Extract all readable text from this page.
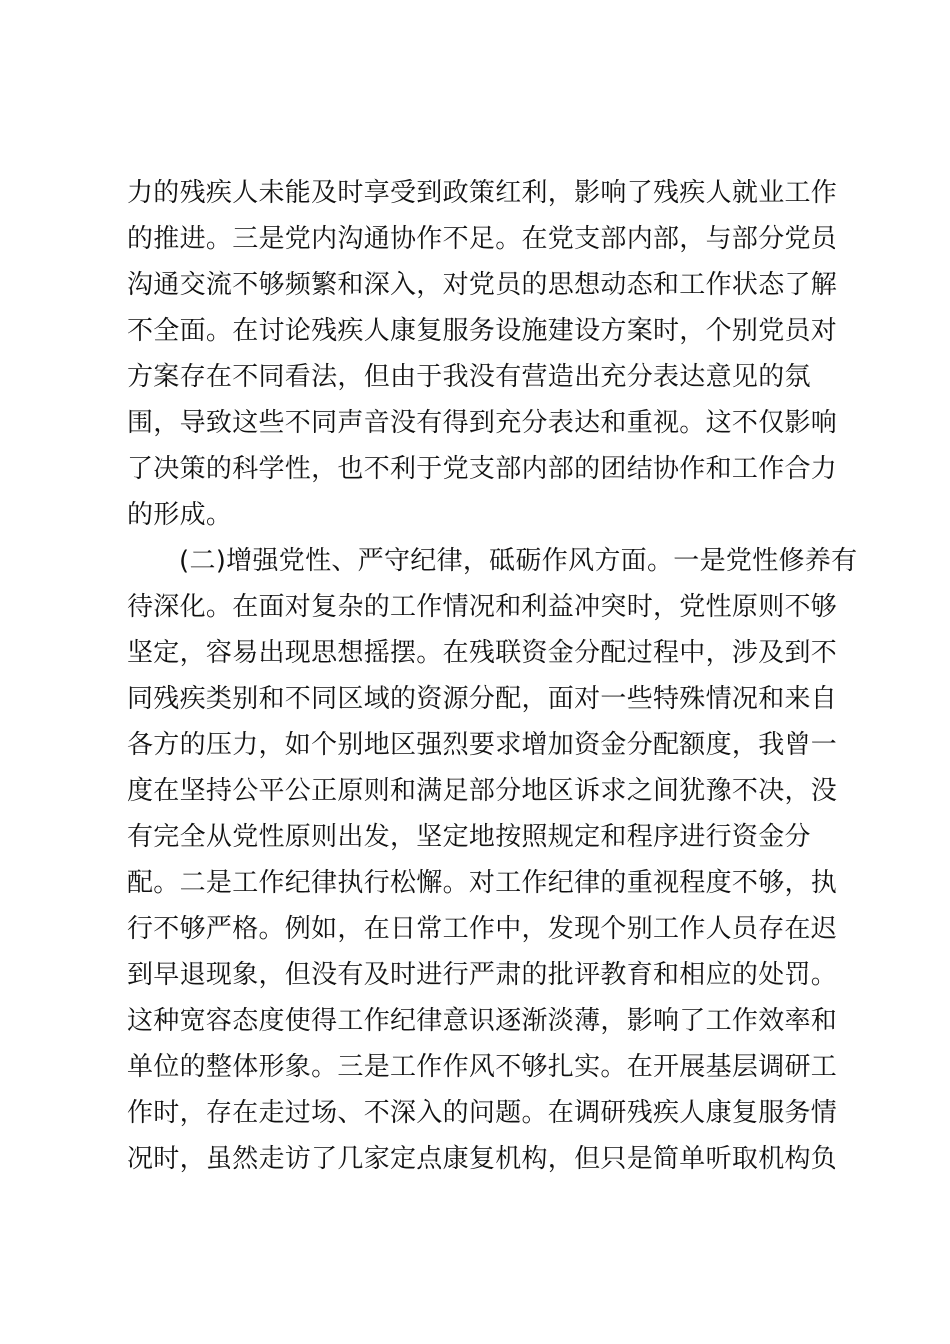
力的残疾人未能及时享受到政策红利，影响了残疾人就业工作
的推进。三是党内沟通协作不足。在党支部内部，与部分党员
沟通交流不够频繁和深入，对党员的思想动态和工作状态了解
不全面。在讨论残疾人康复服务设施建设方案时，个别党员对
方案存在不同看法，但由于我没有营造出充分表达意见的氛
围，导致这些不同声音没有得到充分表达和重视。这不仅影响
了决策的科学性，也不利于党支部内部的团结协作和工作合力
的形成。
(二)增强党性、严守纪律，砥砺作风方面。一是党性修养有
待深化。在面对复杂的工作情况和利益冲突时，党性原则不够
坚定，容易出现思想摇摆。在残联资金分配过程中，涉及到不
同残疾类别和不同区域的资源分配，面对一些特殊情况和来自
各方的压力，如个别地区强烈要求增加资金分配额度，我曾一
度在坚持公平公正原则和满足部分地区诉求之间犹豫不决，没
有完全从党性原则出发，坚定地按照规定和程序进行资金分
配。二是工作纪律执行松懈。对工作纪律的重视程度不够，执
行不够严格。例如，在日常工作中，发现个别工作人员存在迟
到早退现象，但没有及时进行严肃的批评教育和相应的处罚。
这种宽容态度使得工作纪律意识逐渐淡薄，影响了工作效率和
单位的整体形象。三是工作作风不够扎实。在开展基层调研工
作时，存在走过场、不深入的问题。在调研残疾人康复服务情
况时，虽然走访了几家定点康复机构，但只是简单听取机构负
